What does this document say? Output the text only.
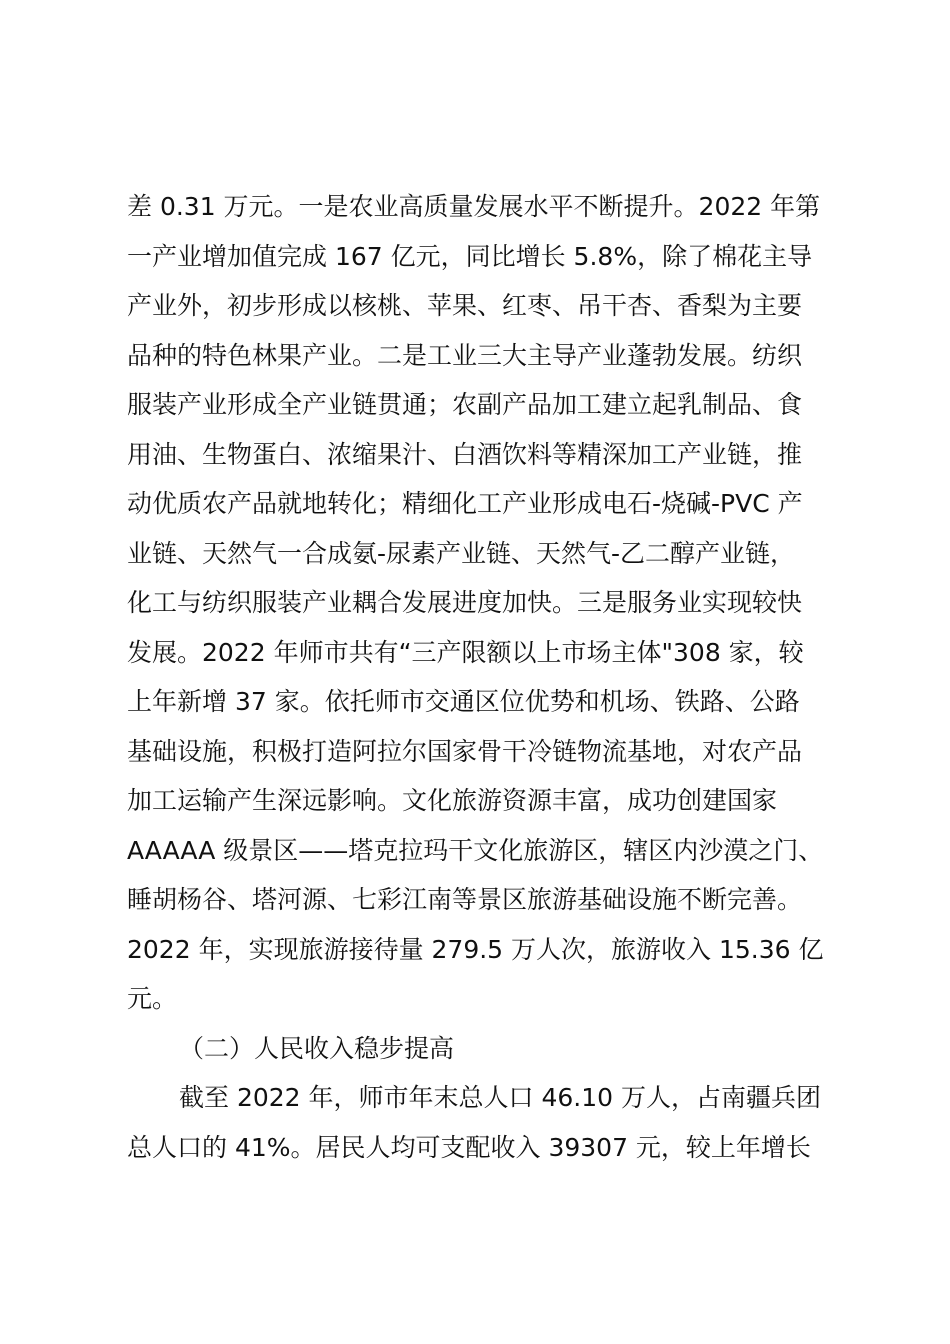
差 0.31 万元。一是农业高质量发展水平不断提升。2022 年第
一产业增加值完成 167 亿元，同比增长 5.8%，除了棉花主导
产业外，初步形成以核桃、苹果、红枣、吊干杏、香梨为主要
品种的特色林果产业。二是工业三大主导产业蓬勃发展。纺织
服装产业形成全产业链贯通；农副产品加工建立起乳制品、食
用油、生物蛋白、浓缩果汁、白酒饮料等精深加工产业链，推
动优质农产品就地转化；精细化工产业形成电石-烧碱-PVC 产
业链、天然气一合成氨-尿素产业链、天然气-乙二醇产业链，
化工与纺织服装产业耦合发展进度加快。三是服务业实现较快
发展。2022 年师市共有“三产限额以上市场主体"308 家，较
上年新增 37 家。依托师市交通区位优势和机场、铁路、公路
基础设施，积极打造阿拉尔国家骨干冷链物流基地，对农产品
加工运输产生深远影响。文化旅游资源丰富，成功创建国家
AAAAA 级景区——塔克拉玛干文化旅游区，辖区内沙漠之门、
睡胡杨谷、塔河源、七彩江南等景区旅游基础设施不断完善。
2022 年，实现旅游接待量 279.5 万人次，旅游收入 15.36 亿
元。
（二）人民收入稳步提高
截至 2022 年，师市年末总人口 46.10 万人，占南疆兵团
总人口的 41%。居民人均可支配收入 39307 元，较上年增长
